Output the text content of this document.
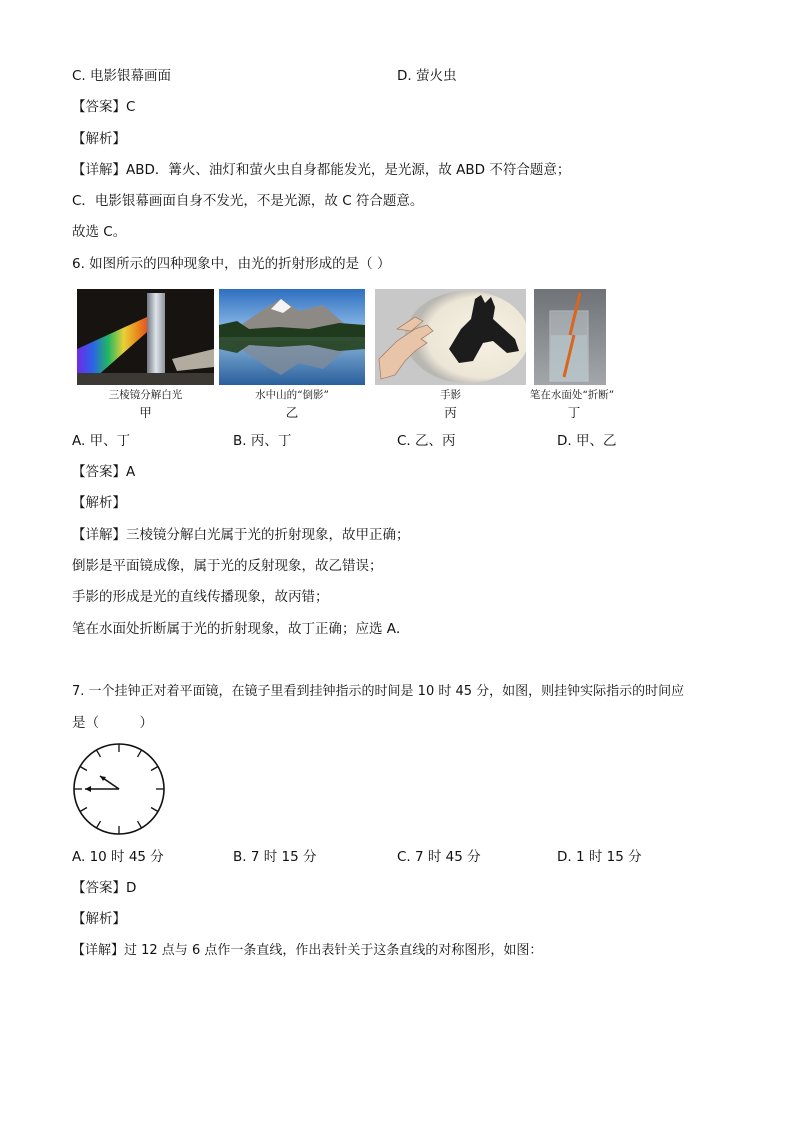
C. 电影银幕画面	D. 萤火虫
【答案】C
【解析】
【详解】ABD．篝火、油灯和萤火虫自身都能发光，是光源，故 ABD 不符合题意；
C．电影银幕画面自身不发光，不是光源，故 C 符合题意。
故选 C。
6. 如图所示的四种现象中，由光的折射形成的是（ ）
三棱镜分解白光
甲
水中山的“倒影”
乙
手影
丙
笔在水面处“折断”
丁
A. 甲、丁	B. 丙、丁	C. 乙、丙	D. 甲、乙
【答案】A
【解析】
【详解】三棱镜分解白光属于光的折射现象，故甲正确；
倒影是平面镜成像，属于光的反射现象，故乙错误；
手影的形成是光的直线传播现象，故丙错；
笔在水面处折断属于光的折射现象，故丁正确；应选 A．
7. 一个挂钟正对着平面镜，在镜子里看到挂钟指示的时间是 10 时 45 分，如图，则挂钟实际指示的时间应
是（　　　）
A. 10 时 45 分	B. 7 时 15 分	C. 7 时 45 分	D. 1 时 15 分
【答案】D
【解析】
【详解】过 12 点与 6 点作一条直线，作出表针关于这条直线的对称图形，如图：
